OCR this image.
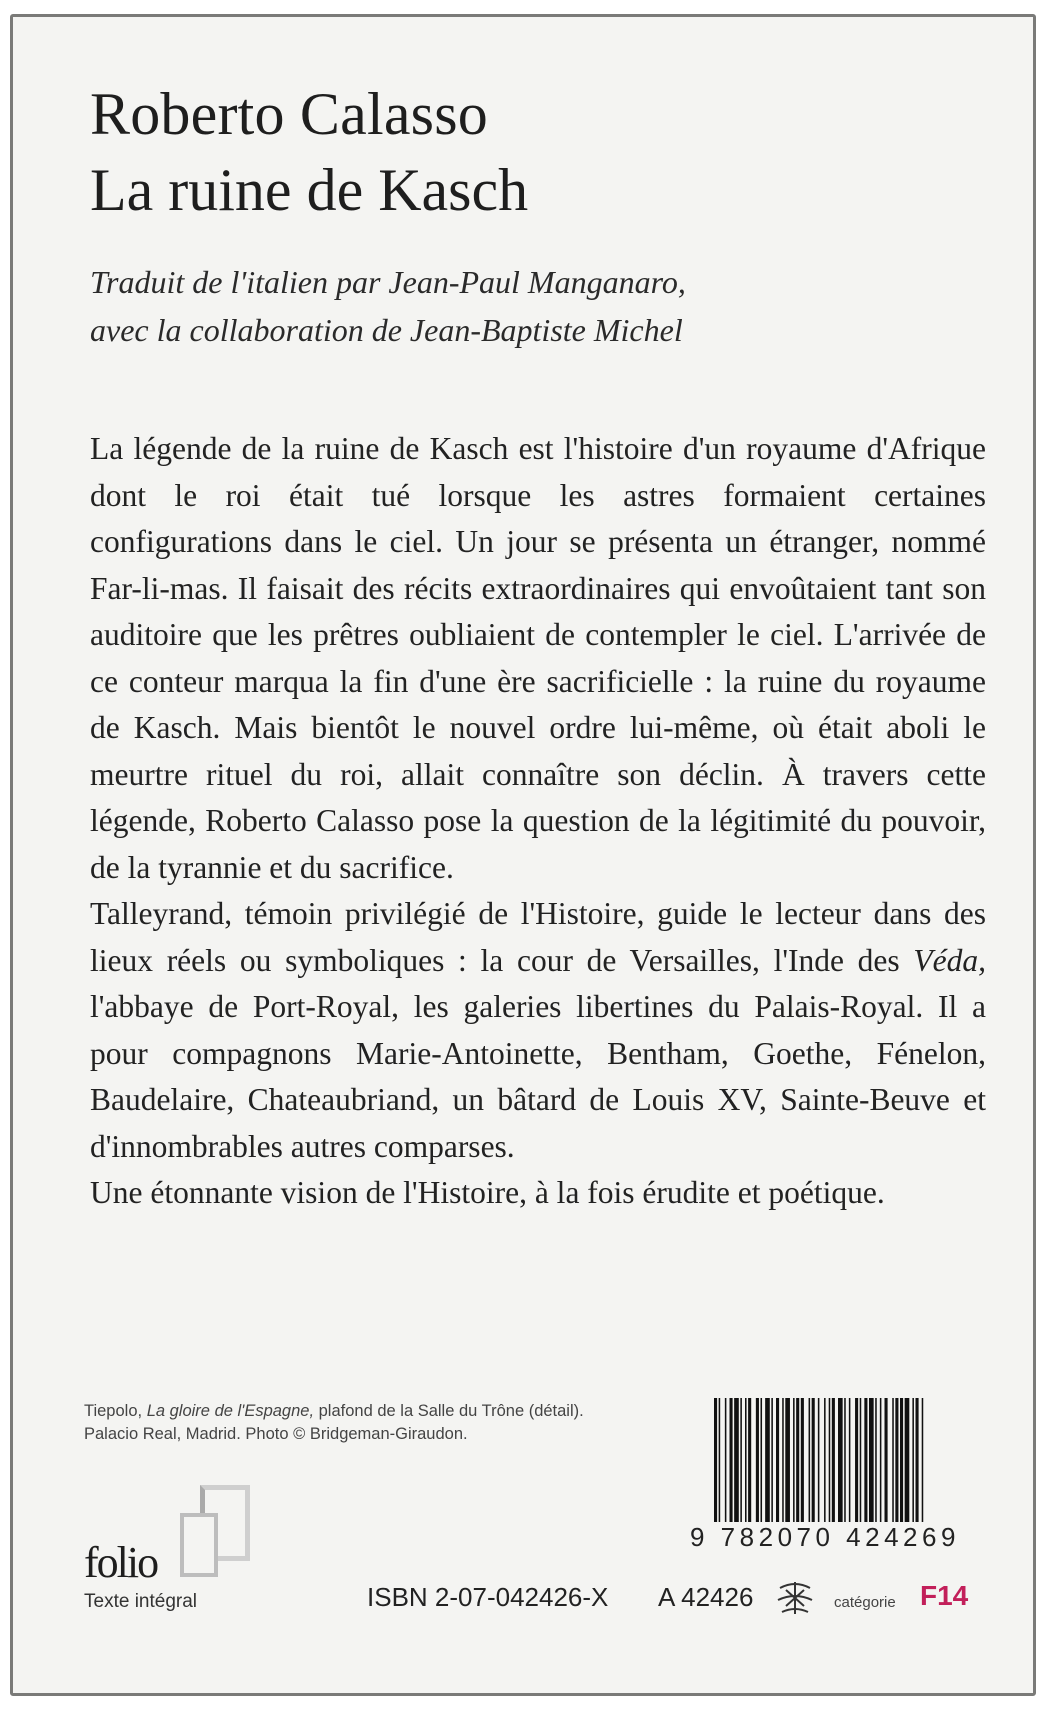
Roberto Calasso
La ruine de Kasch
Traduit de l'italien par Jean-Paul Manganaro,
avec la collaboration de Jean-Baptiste Michel

La légende de la ruine de Kasch est l'histoire d'un royaume d'Afrique dont le roi était tué lorsque les astres formaient certaines configurations dans le ciel. Un jour se présenta un étranger, nommé Far-li-mas. Il faisait des récits extraordinaires qui envoûtaient tant son auditoire que les prêtres oubliaient de contempler le ciel. L'arrivée de ce conteur marqua la fin d'une ère sacrificielle : la ruine du royaume de Kasch. Mais bientôt le nouvel ordre lui-même, où était aboli le meurtre rituel du roi, allait connaître son déclin. À travers cette légende, Roberto Calasso pose la question de la légitimité du pouvoir, de la tyrannie et du sacrifice.

Talleyrand, témoin privilégié de l'Histoire, guide le lecteur dans des lieux réels ou symboliques : la cour de Versailles, l'Inde des Véda, l'abbaye de Port-Royal, les galeries libertines du Palais-Royal. Il a pour compagnons Marie-Antoinette, Bentham, Goethe, Fénelon, Baudelaire, Chateaubriand, un bâtard de Louis XV, Sainte-Beuve et d'innombrables autres comparses.

Une étonnante vision de l'Histoire, à la fois érudite et poétique.

Tiepolo, La gloire de l'Espagne, plafond de la Salle du Trône (détail).
Palacio Real, Madrid. Photo © Bridgeman-Giraudon.
folio
Texte intégral
9 782070 424269
ISBN 2-07-042426-X A 42426	catégorie F14
